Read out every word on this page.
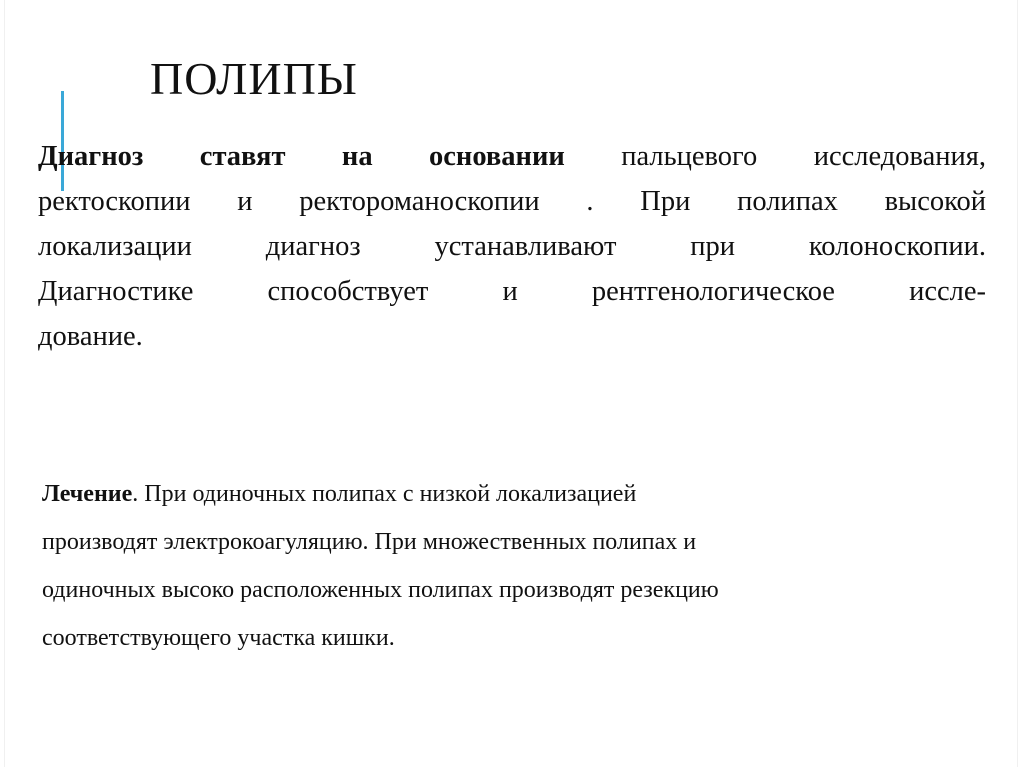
ПОЛИПЫ
Диагноз ставят на основании пальцевого исследования,
ректоскопии и ректороманоскопии . При полипах высокой
локализации диагноз устанавливают при колоноскопии.
Диагностике способствует и рентгенологическое иссле-
дование.
Лечение. При одиночных полипах с низкой локализацией
производят электрокоагуляцию. При множественных полипах и
одиночных высоко расположенных полипах производят резекцию
соответствующего участка кишки.
